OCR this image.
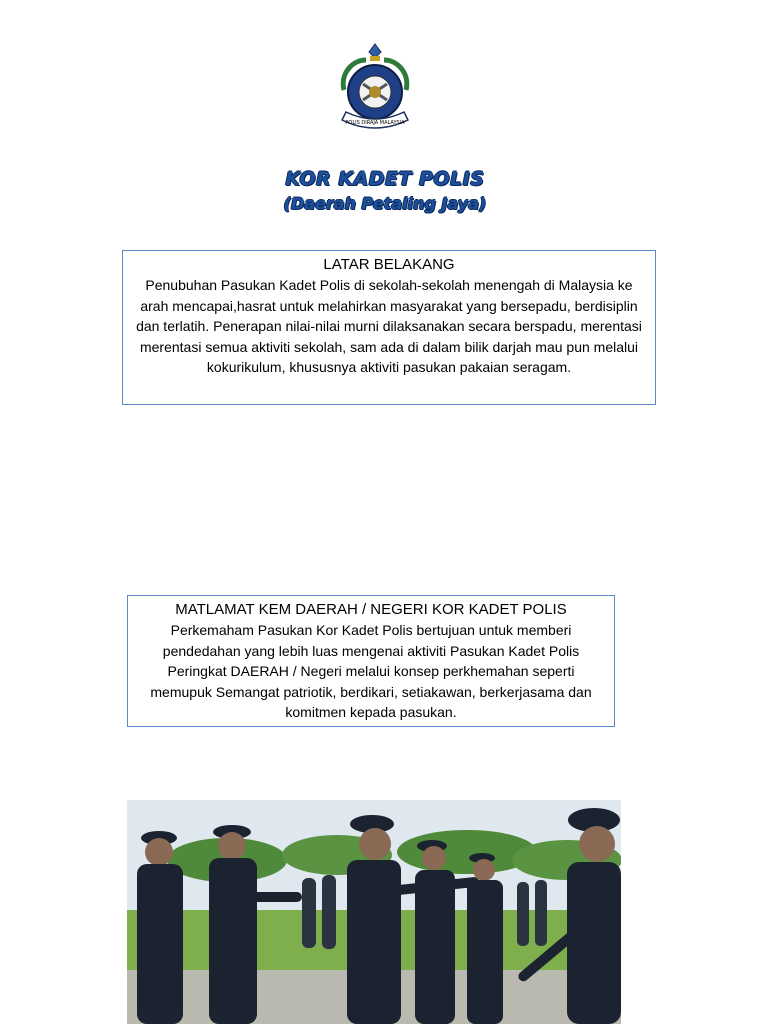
POLIS DIRAJA MALAYSIA
KOR KADET POLIS
(Daerah Petaling Jaya)
LATAR BELAKANG

Penubuhan Pasukan Kadet Polis di sekolah-sekolah menengah di Malaysia ke arah mencapai,hasrat untuk melahirkan masyarakat yang bersepadu, berdisiplin dan terlatih. Penerapan nilai-nilai murni dilaksanakan secara berspadu, merentasi merentasi semua aktiviti sekolah, sam ada di dalam bilik darjah mau pun melalui kokurikulum, khususnya aktiviti pasukan pakaian seragam.

MATLAMAT KEM DAERAH / NEGERI KOR KADET POLIS

Perkemaham Pasukan Kor Kadet Polis bertujuan untuk memberi pendedahan yang lebih luas mengenai aktiviti Pasukan Kadet Polis Peringkat DAERAH / Negeri melalui konsep perkhemahan seperti memupuk Semangat patriotik, berdikari, setiakawan, berkerjasama dan komitmen kepada pasukan.
